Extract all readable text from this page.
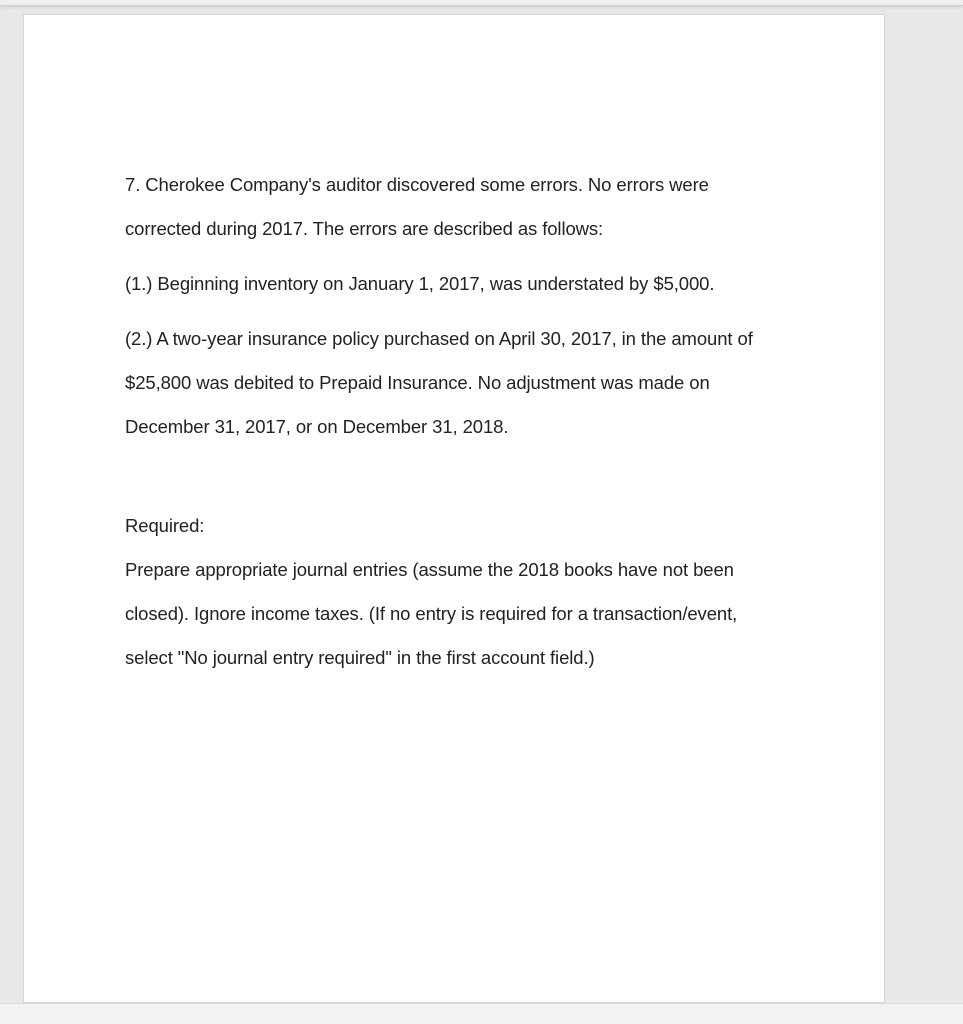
7. Cherokee Company's auditor discovered some errors. No errors were
corrected during 2017. The errors are described as follows:
(1.) Beginning inventory on January 1, 2017, was understated by $5,000.
(2.) A two-year insurance policy purchased on April 30, 2017, in the amount of
$25,800 was debited to Prepaid Insurance. No adjustment was made on
December 31, 2017, or on December 31, 2018.
Required:
Prepare appropriate journal entries (assume the 2018 books have not been
closed). Ignore income taxes. (If no entry is required for a transaction/event,
select "No journal entry required" in the first account field.)
